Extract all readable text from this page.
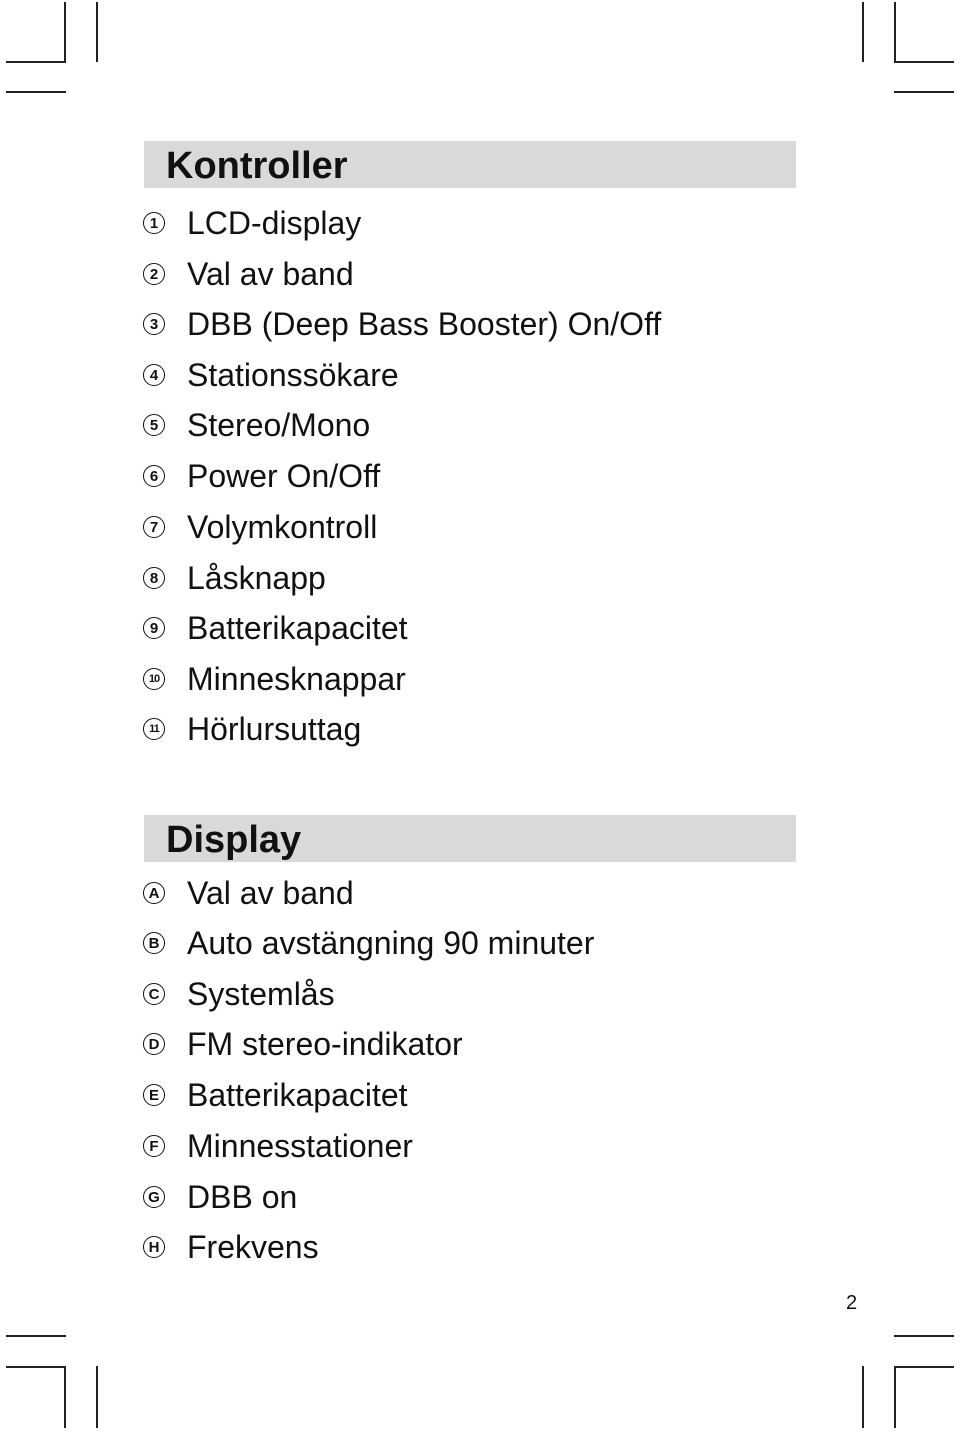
Kontroller
1 LCD-display
2 Val av band
3 DBB (Deep Bass Booster) On/Off
4 Stationssökare
5 Stereo/Mono
6 Power On/Off
7 Volymkontroll
8 Låsknapp
9 Batterikapacitet
10 Minnesknappar
11 Hörlursuttag
Display
A Val av band
B Auto avstängning 90 minuter
C Systemlås
D FM stereo-indikator
E Batterikapacitet
F Minnesstationer
G DBB on
H Frekvens
2
